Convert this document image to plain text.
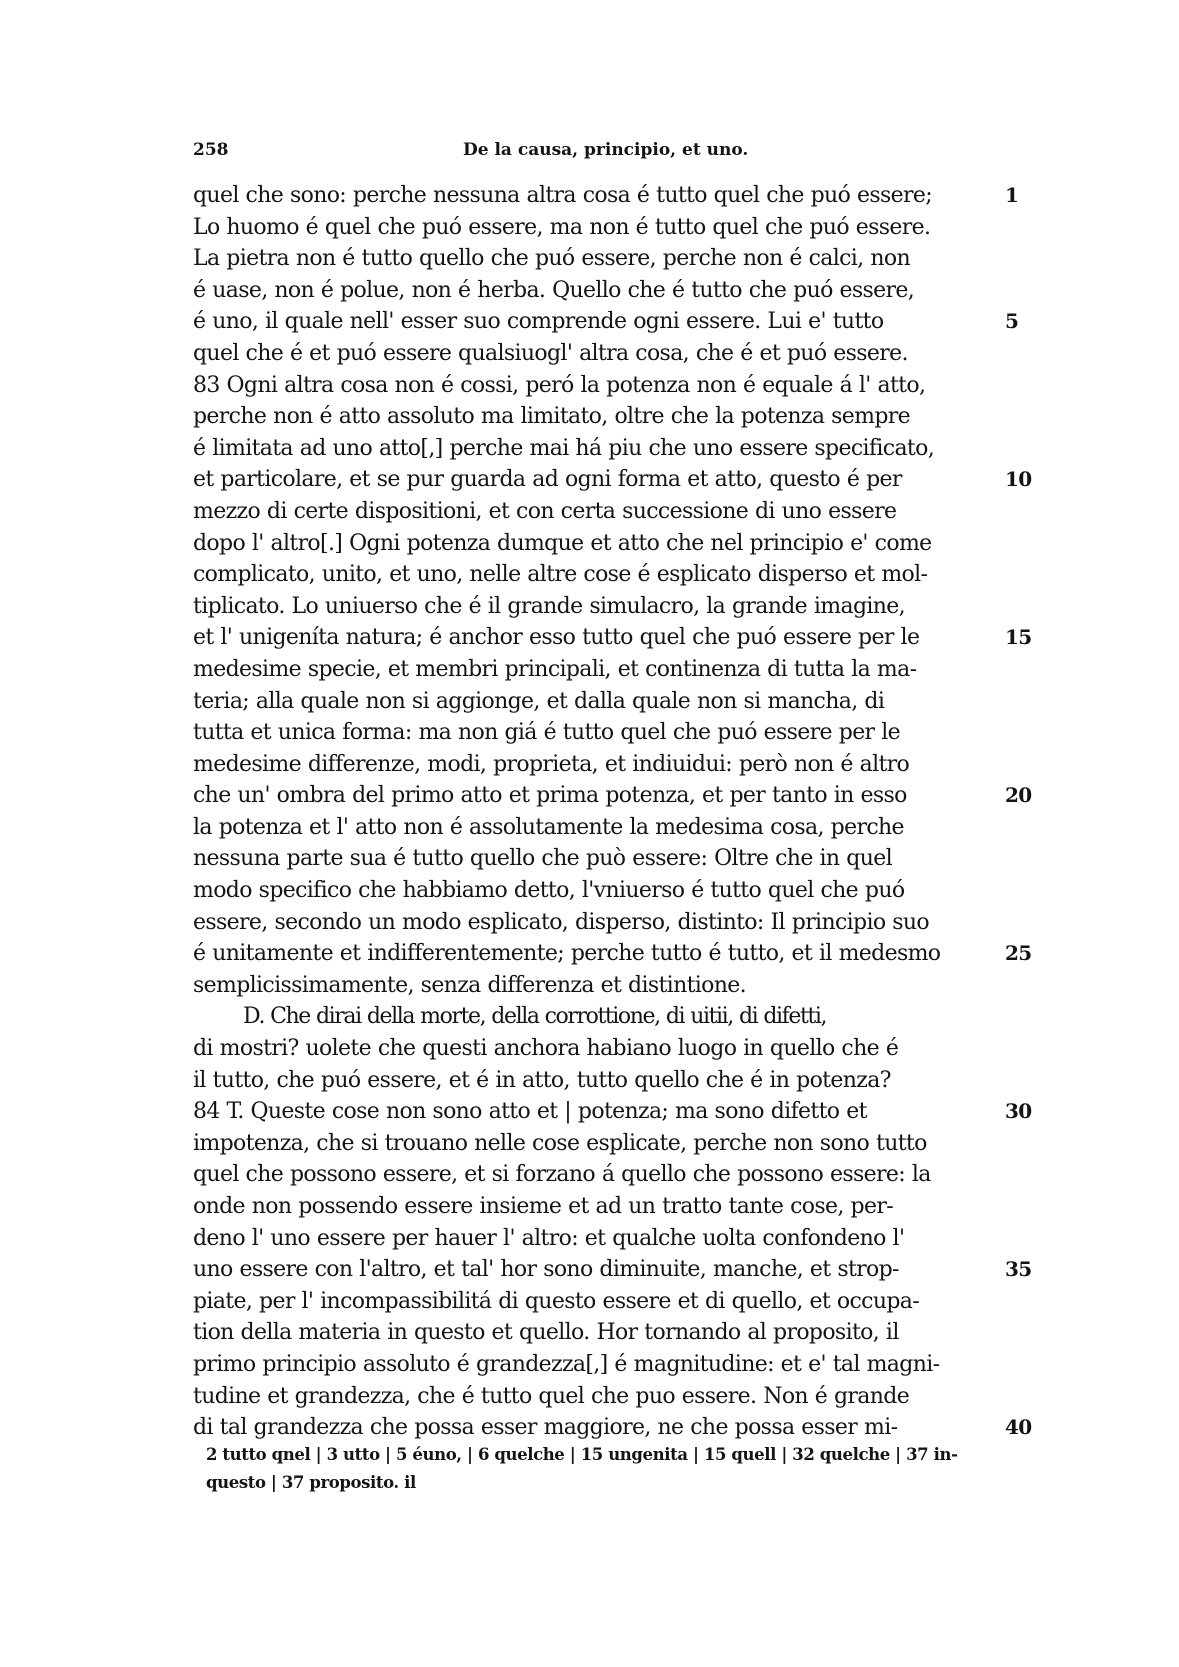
258	De la causa, principio, et uno.
quel che sono: perche nessuna altra cosa é tutto quel che puó essere;	1
Lo huomo é quel che puó essere, ma non é tutto quel che puó essere.
La pietra non é tutto quello che puó essere, perche non é calci, non
é uase, non é polue, non é herba. Quello che é tutto che puó essere,
é uno, il quale nell' esser suo comprende ogni essere. Lui e' tutto	5
quel che é et puó essere qualsiuogl' altra cosa, che é et puó essere.
83 Ogni altra cosa non é cossi, peró la potenza non é equale á l' atto,
perche non é atto assoluto ma limitato, oltre che la potenza sempre
é limitata ad uno atto[,] perche mai há piu che uno essere specificato,
et particolare, et se pur guarda ad ogni forma et atto, questo é per	10
mezzo di certe dispositioni, et con certa successione di uno essere
dopo l' altro[.] Ogni potenza dumque et atto che nel principio e' come
complicato, unito, et uno, nelle altre cose é esplicato disperso et mol-
tiplicato. Lo uniuerso che é il grande simulacro, la grande imagine,
et l' unigeníta natura; é anchor esso tutto quel che puó essere per le	15
medesime specie, et membri principali, et continenza di tutta la ma-
teria; alla quale non si aggionge, et dalla quale non si mancha, di
tutta et unica forma: ma non giá é tutto quel che puó essere per le
medesime differenze, modi, proprieta, et indiuidui: però non é altro
che un' ombra del primo atto et prima potenza, et per tanto in esso	20
la potenza et l' atto non é assolutamente la medesima cosa, perche
nessuna parte sua é tutto quello che può essere: Oltre che in quel
modo specifico che habbiamo detto, l'vniuerso é tutto quel che puó
essere, secondo un modo esplicato, disperso, distinto: Il principio suo
é unitamente et indifferentemente; perche tutto é tutto, et il medesmo	25
semplicissimamente, senza differenza et distintione.
D. Che dirai della morte, della corrottione, di uitii, di difetti,
di mostri? uolete che questi anchora habiano luogo in quello che é
il tutto, che puó essere, et é in atto, tutto quello che é in potenza?
84 T. Queste cose non sono atto et | potenza; ma sono difetto et	30
impotenza, che si trouano nelle cose esplicate, perche non sono tutto
quel che possono essere, et si forzano á quello che possono essere: la
onde non possendo essere insieme et ad un tratto tante cose, per-
deno l' uno essere per hauer l' altro: et qualche uolta confondeno l'
uno essere con l'altro, et tal' hor sono diminuite, manche, et strop-	35
piate, per l' incompassibilitá di questo essere et di quello, et occupa-
tion della materia in questo et quello. Hor tornando al proposito, il
primo principio assoluto é grandezza[,] é magnitudine: et e' tal magni-
tudine et grandezza, che é tutto quel che puo essere. Non é grande
di tal grandezza che possa esser maggiore, ne che possa esser mi-	40
2 tutto qnel | 3 utto | 5 éuno, | 6 quelche | 15 ungenita | 15 quell | 32 quelche | 37 in-
questo | 37 proposito. il
